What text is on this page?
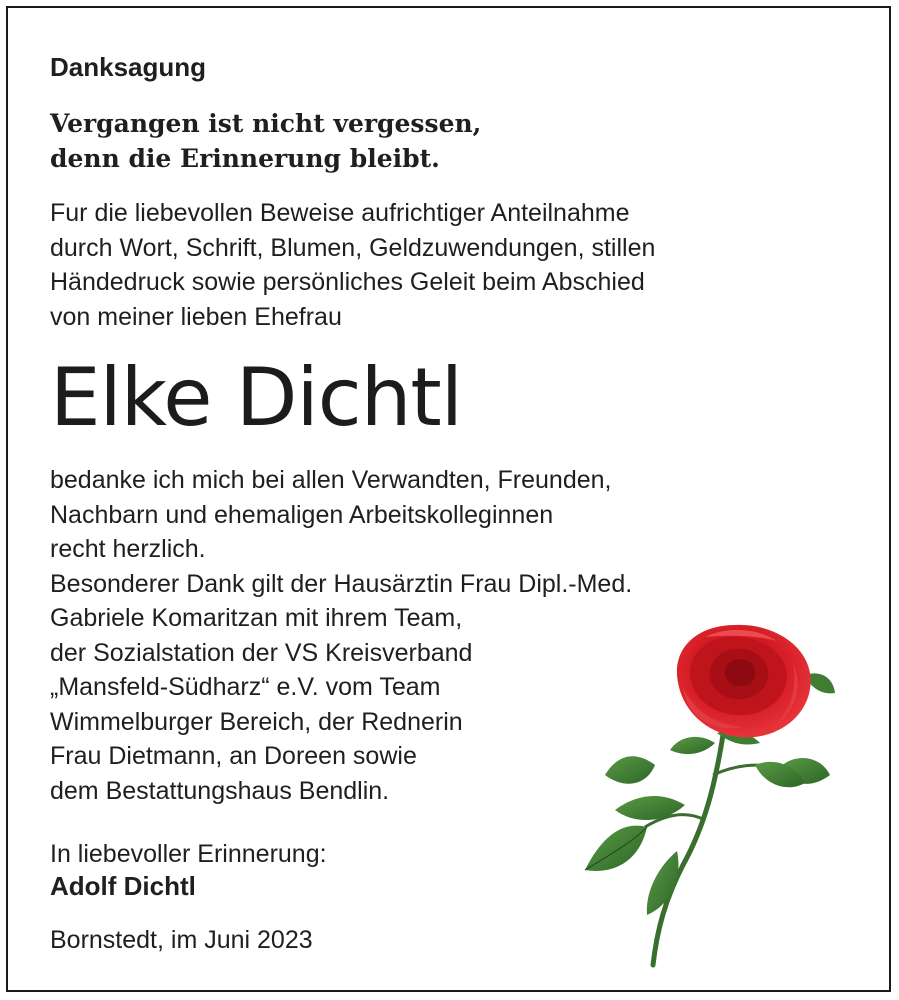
Danksagung

Vergangen ist nicht vergessen,
denn die Erinnerung bleibt.

Fur die liebevollen Beweise aufrichtiger Anteilnahme
durch Wort, Schrift, Blumen, Geldzuwendungen, stillen
Händedruck sowie persönliches Geleit beim Abschied
von meiner lieben Ehefrau

Elke Dichtl

bedanke ich mich bei allen Verwandten, Freunden,
Nachbarn und ehemaligen Arbeitskolleginnen
recht herzlich.
Besonderer Dank gilt der Hausärztin Frau Dipl.-Med.
Gabriele Komaritzan mit ihrem Team,
der Sozialstation der VS Kreisverband
„Mansfeld-Südharz“ e.V. vom Team
Wimmelburger Bereich, der Rednerin
Frau Dietmann, an Doreen sowie
dem Bestattungshaus Bendlin.

In liebevoller Erinnerung:

Adolf Dichtl

Bornstedt, im Juni 2023
